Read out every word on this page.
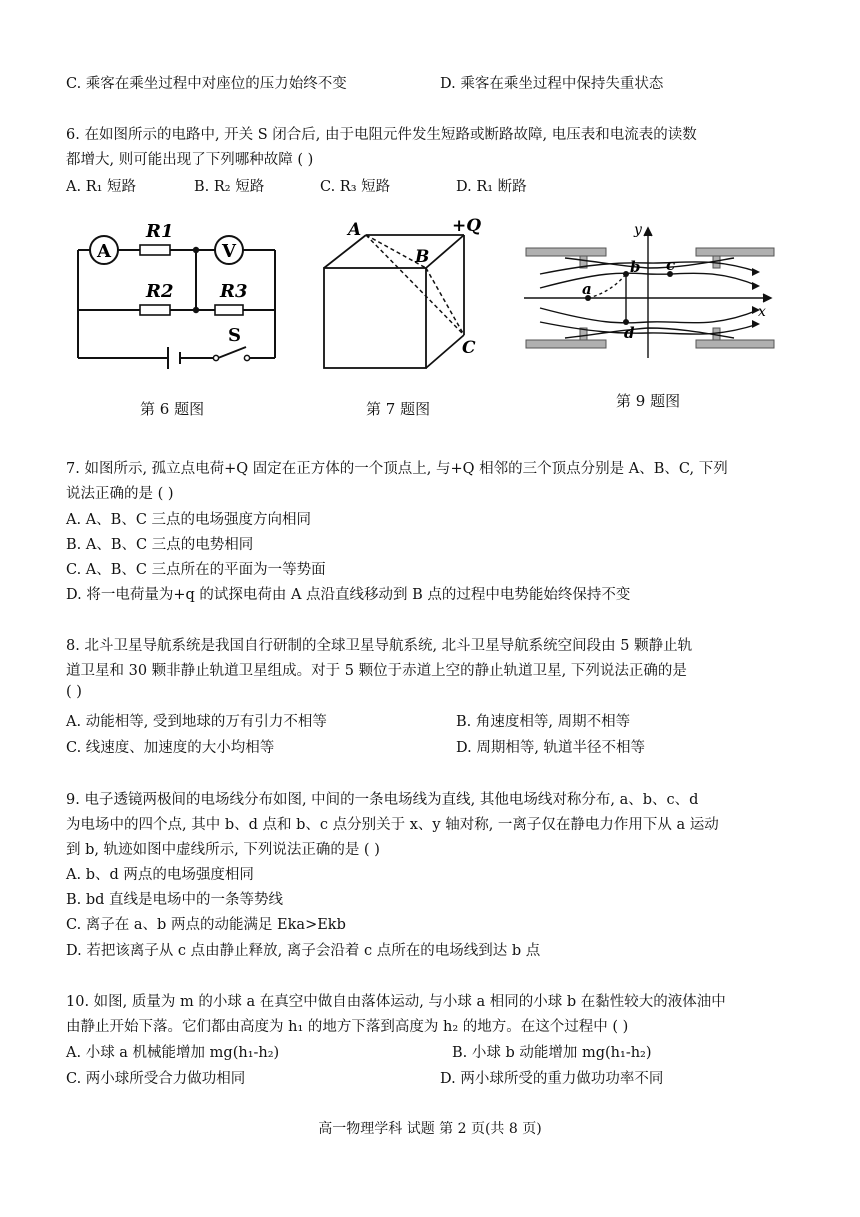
C. 乘客在乘坐过程中对座位的压力始终不变	D. 乘客在乘坐过程中保持失重状态
6. 在如图所示的电路中, 开关 S 闭合后, 由于电阻元件发生短路或断路故障, 电压表和电流表的读数
都增大, 则可能出现了下列哪种故障 ( )
A. R₁ 短路	B. R₂ 短路	C. R₃ 短路	D. R₁ 断路
A	V
R1
R2	R3
S
A
B
C
+Q
a
b c
d
y
x
第 6 题图	第 7 题图	第 9 题图
7. 如图所示, 孤立点电荷+Q 固定在正方体的一个顶点上, 与+Q 相邻的三个顶点分别是 A、B、C, 下列
说法正确的是 ( )
A. A、B、C 三点的电场强度方向相同
B. A、B、C 三点的电势相同
C. A、B、C 三点所在的平面为一等势面
D. 将一电荷量为+q 的试探电荷由 A 点沿直线移动到 B 点的过程中电势能始终保持不变
8. 北斗卫星导航系统是我国自行研制的全球卫星导航系统, 北斗卫星导航系统空间段由 5 颗静止轨
道卫星和 30 颗非静止轨道卫星组成。对于 5 颗位于赤道上空的静止轨道卫星, 下列说法正确的是
( )
A. 动能相等, 受到地球的万有引力不相等	B. 角速度相等, 周期不相等
C. 线速度、加速度的大小均相等	D. 周期相等, 轨道半径不相等
9. 电子透镜两极间的电场线分布如图, 中间的一条电场线为直线, 其他电场线对称分布, a、b、c、d
为电场中的四个点, 其中 b、d 点和 b、c 点分别关于 x、y 轴对称, 一离子仅在静电力作用下从 a 运动
到 b, 轨迹如图中虚线所示, 下列说法正确的是 ( )
A. b、d 两点的电场强度相同
B. bd 直线是电场中的一条等势线
C. 离子在 a、b 两点的动能满足 Eka>Ekb
D. 若把该离子从 c 点由静止释放, 离子会沿着 c 点所在的电场线到达 b 点
10. 如图, 质量为 m 的小球 a 在真空中做自由落体运动, 与小球 a 相同的小球 b 在黏性较大的液体油中
由静止开始下落。它们都由高度为 h₁ 的地方下落到高度为 h₂ 的地方。在这个过程中 ( )
A. 小球 a 机械能增加 mg(h₁-h₂)	B. 小球 b 动能增加 mg(h₁-h₂)
C. 两小球所受合力做功相同	D. 两小球所受的重力做功功率不同
高一物理学科 试题 第 2 页(共 8 页)
